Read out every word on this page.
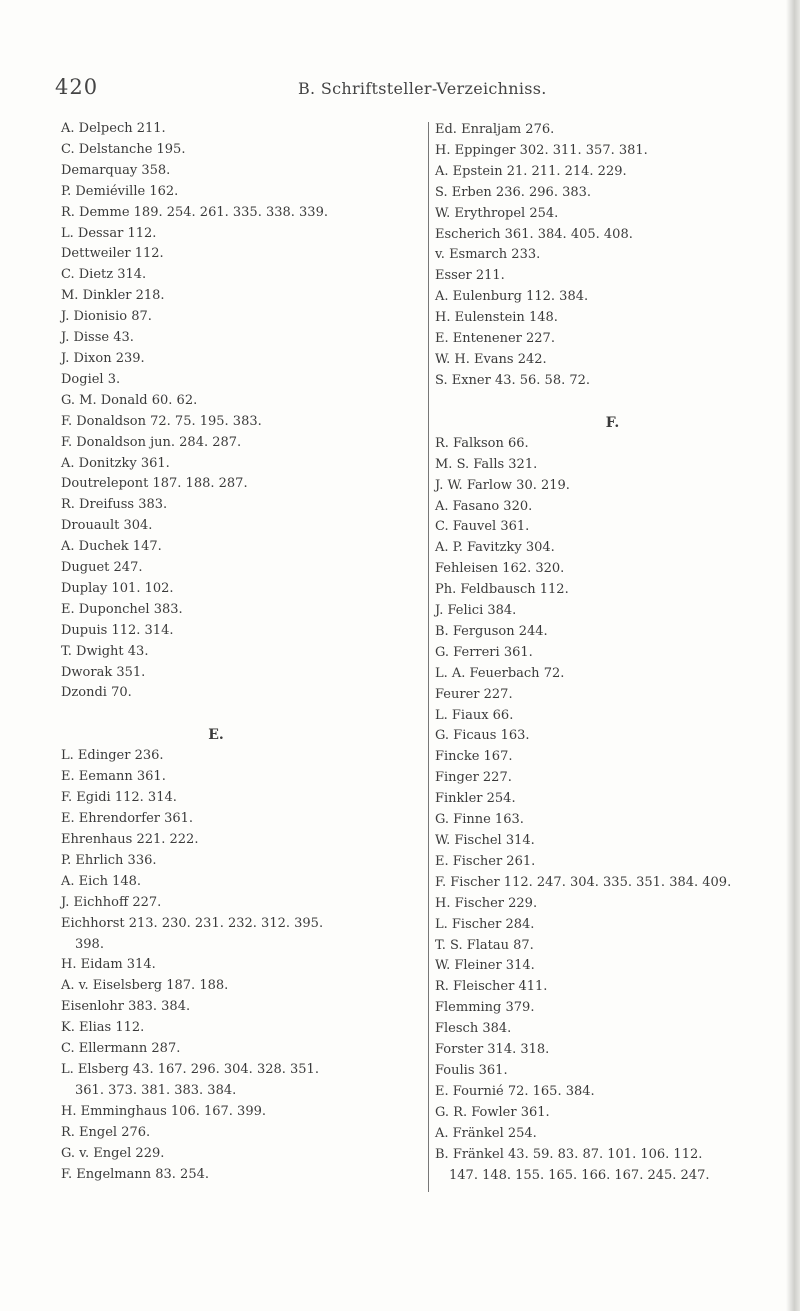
420	B. Schriftsteller-Verzeichniss.
A. Delpech 211.
C. Delstanche 195.
Demarquay 358.
P. Demiéville 162.
R. Demme 189. 254. 261. 335. 338. 339.
L. Dessar 112.
Dettweiler 112.
C. Dietz 314.
M. Dinkler 218.
J. Dionisio 87.
J. Disse 43.
J. Dixon 239.
Dogiel 3.
G. M. Donald 60. 62.
F. Donaldson 72. 75. 195. 383.
F. Donaldson jun. 284. 287.
A. Donitzky 361.
Doutrelepont 187. 188. 287.
R. Dreifuss 383.
Drouault 304.
A. Duchek 147.
Duguet 247.
Duplay 101. 102.
E. Duponchel 383.
Dupuis 112. 314.
T. Dwight 43.
Dworak 351.
Dzondi 70.
E.
L. Edinger 236.
E. Eemann 361.
F. Egidi 112. 314.
E. Ehrendorfer 361.
Ehrenhaus 221. 222.
P. Ehrlich 336.
A. Eich 148.
J. Eichhoff 227.
Eichhorst 213. 230. 231. 232. 312. 395.
398.
H. Eidam 314.
A. v. Eiselsberg 187. 188.
Eisenlohr 383. 384.
K. Elias 112.
C. Ellermann 287.
L. Elsberg 43. 167. 296. 304. 328. 351.
361. 373. 381. 383. 384.
H. Emminghaus 106. 167. 399.
R. Engel 276.
G. v. Engel 229.
F. Engelmann 83. 254.
Ed. Enraljam 276.
H. Eppinger 302. 311. 357. 381.
A. Epstein 21. 211. 214. 229.
S. Erben 236. 296. 383.
W. Erythropel 254.
Escherich 361. 384. 405. 408.
v. Esmarch 233.
Esser 211.
A. Eulenburg 112. 384.
H. Eulenstein 148.
E. Entenener 227.
W. H. Evans 242.
S. Exner 43. 56. 58. 72.
F.
R. Falkson 66.
M. S. Falls 321.
J. W. Farlow 30. 219.
A. Fasano 320.
C. Fauvel 361.
A. P. Favitzky 304.
Fehleisen 162. 320.
Ph. Feldbausch 112.
J. Felici 384.
B. Ferguson 244.
G. Ferreri 361.
L. A. Feuerbach 72.
Feurer 227.
L. Fiaux 66.
G. Ficaus 163.
Fincke 167.
Finger 227.
Finkler 254.
G. Finne 163.
W. Fischel 314.
E. Fischer 261.
F. Fischer 112. 247. 304. 335. 351. 384. 409.
H. Fischer 229.
L. Fischer 284.
T. S. Flatau 87.
W. Fleiner 314.
R. Fleischer 411.
Flemming 379.
Flesch 384.
Forster 314. 318.
Foulis 361.
E. Fournié 72. 165. 384.
G. R. Fowler 361.
A. Fränkel 254.
B. Fränkel 43. 59. 83. 87. 101. 106. 112.
147. 148. 155. 165. 166. 167. 245. 247.
